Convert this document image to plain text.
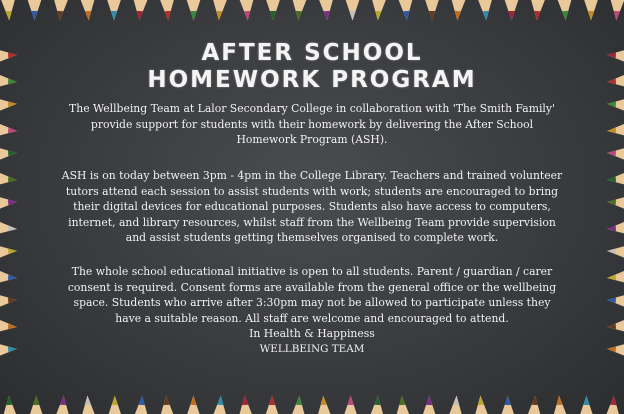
AFTER SCHOOL
HOMEWORK PROGRAM
The Wellbeing Team at Lalor Secondary College in collaboration with 'The Smith Family' provide support for students with their homework by delivering the After School Homework Program (ASH).
ASH is on today between 3pm - 4pm in the College Library. Teachers and trained volunteer tutors attend each session to assist students with work; students are encouraged to bring their digital devices for educational purposes. Students also have access to computers, internet, and library resources, whilst staff from the Wellbeing Team provide supervision and assist students getting themselves organised to complete work.
The whole school educational initiative is open to all students. Parent / guardian / carer consent is required. Consent forms are available from the general office or the wellbeing space. Students who arrive after 3:30pm may not be allowed to participate unless they have a suitable reason. All staff are welcome and encouraged to attend.
In Health & Happiness
WELLBEING TEAM
